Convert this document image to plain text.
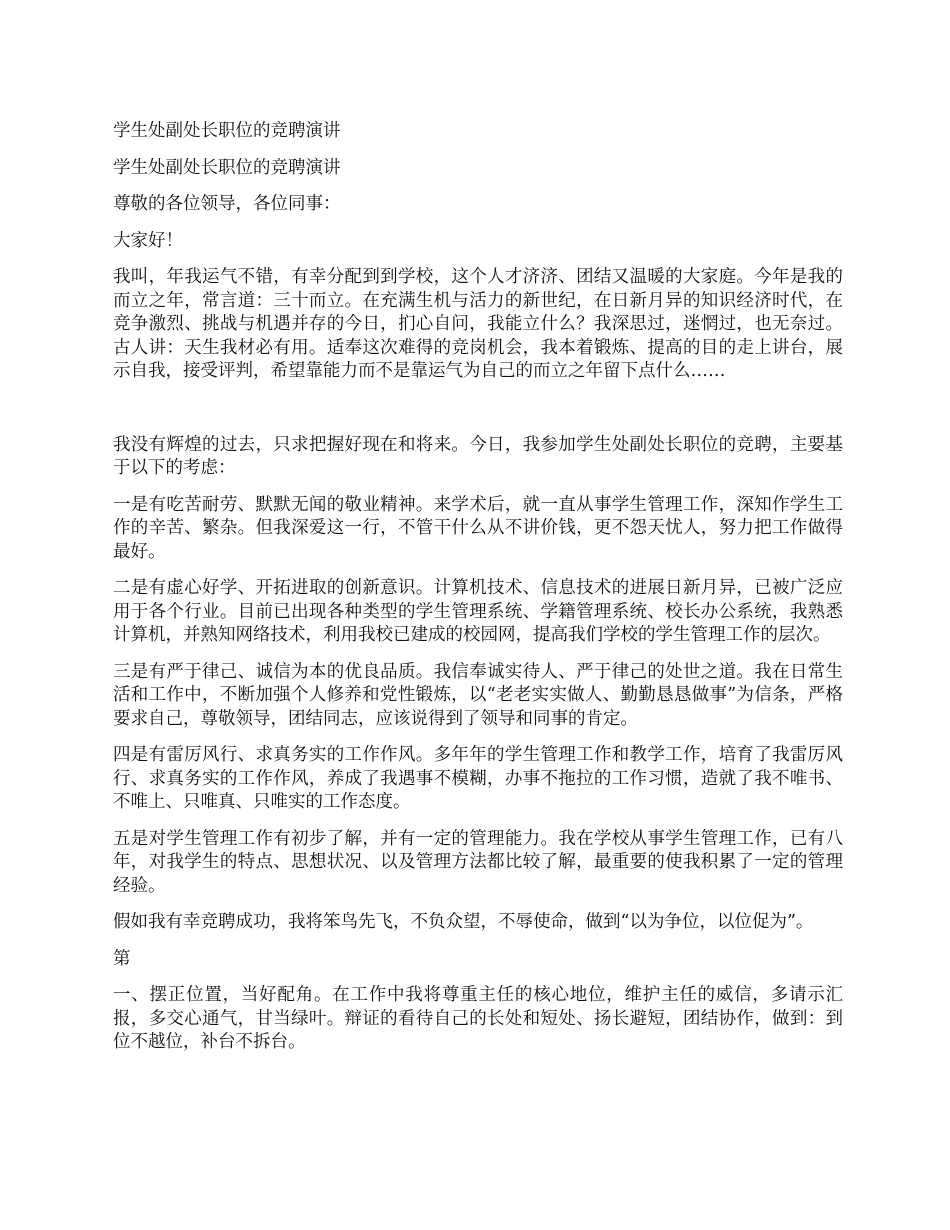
学生处副处长职位的竞聘演讲

学生处副处长职位的竞聘演讲

尊敬的各位领导，各位同事：

大家好！

我叫，年我运气不错，有幸分配到到学校，这个人才济济、团结又温暖的大家庭。今年是我的而立之年，常言道：三十而立。在充满生机与活力的新世纪，在日新月异的知识经济时代，在竞争激烈、挑战与机遇并存的今日，扪心自问，我能立什么？我深思过，迷惘过，也无奈过。古人讲：天生我材必有用。适奉这次难得的竞岗机会，我本着锻炼、提高的目的走上讲台，展示自我，接受评判，希望靠能力而不是靠运气为自己的而立之年留下点什么……

我没有辉煌的过去，只求把握好现在和将来。今日，我参加学生处副处长职位的竞聘，主要基于以下的考虑：

一是有吃苦耐劳、默默无闻的敬业精神。来学术后，就一直从事学生管理工作，深知作学生工作的辛苦、繁杂。但我深爱这一行，不管干什么从不讲价钱，更不怨天忧人，努力把工作做得最好。

二是有虚心好学、开拓进取的创新意识。计算机技术、信息技术的进展日新月异，已被广泛应用于各个行业。目前已出现各种类型的学生管理系统、学籍管理系统、校长办公系统，我熟悉计算机，并熟知网络技术，利用我校已建成的校园网，提高我们学校的学生管理工作的层次。

三是有严于律己、诚信为本的优良品质。我信奉诚实待人、严于律己的处世之道。我在日常生活和工作中，不断加强个人修养和党性锻炼，以“老老实实做人、勤勤恳恳做事”为信条，严格要求自己，尊敬领导，团结同志，应该说得到了领导和同事的肯定。

四是有雷厉风行、求真务实的工作作风。多年年的学生管理工作和教学工作，培育了我雷厉风行、求真务实的工作作风，养成了我遇事不模糊，办事不拖拉的工作习惯，造就了我不唯书、不唯上、只唯真、只唯实的工作态度。

五是对学生管理工作有初步了解，并有一定的管理能力。我在学校从事学生管理工作，已有八年，对我学生的特点、思想状况、以及管理方法都比较了解，最重要的使我积累了一定的管理经验。

假如我有幸竞聘成功，我将笨鸟先飞，不负众望，不辱使命，做到“以为争位，以位促为”。

第

一、摆正位置，当好配角。在工作中我将尊重主任的核心地位，维护主任的威信，多请示汇报，多交心通气，甘当绿叶。辩证的看待自己的长处和短处、扬长避短，团结协作，做到：到位不越位，补台不拆台。
